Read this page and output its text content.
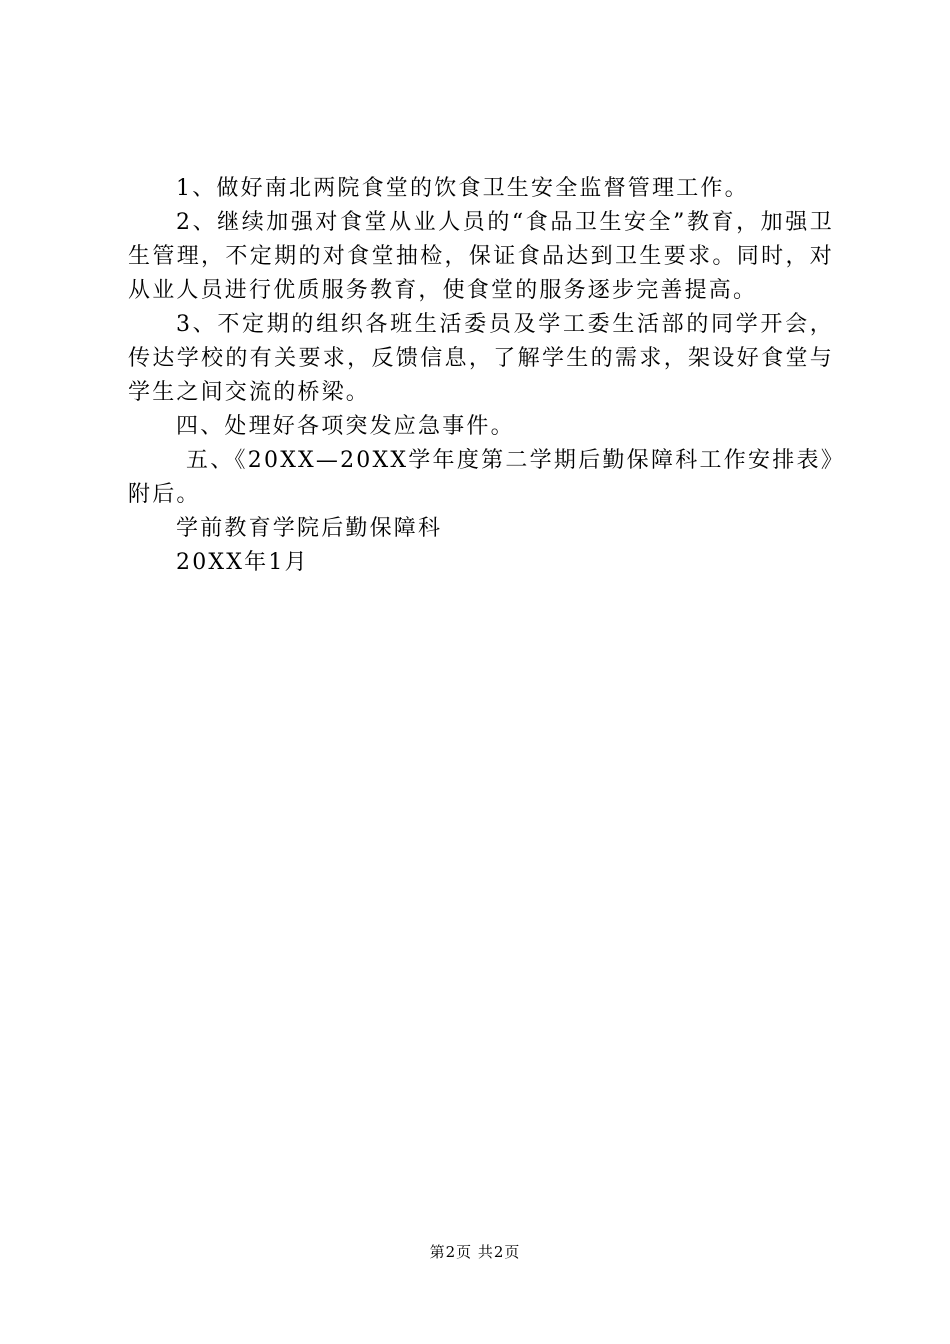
1、做好南北两院食堂的饮食卫生安全监督管理工作。

2、继续加强对食堂从业人员的“食品卫生安全”教育，加强卫生管理，不定期的对食堂抽检，保证食品达到卫生要求。同时，对从业人员进行优质服务教育，使食堂的服务逐步完善提高。

3、不定期的组织各班生活委员及学工委生活部的同学开会，传达学校的有关要求，反馈信息，了解学生的需求，架设好食堂与学生之间交流的桥梁。

四、处理好各项突发应急事件。

五、《20XX—20XX学年度第二学期后勤保障科工作安排表》附后。

学前教育学院后勤保障科

20XX年1月

第2页 共2页
